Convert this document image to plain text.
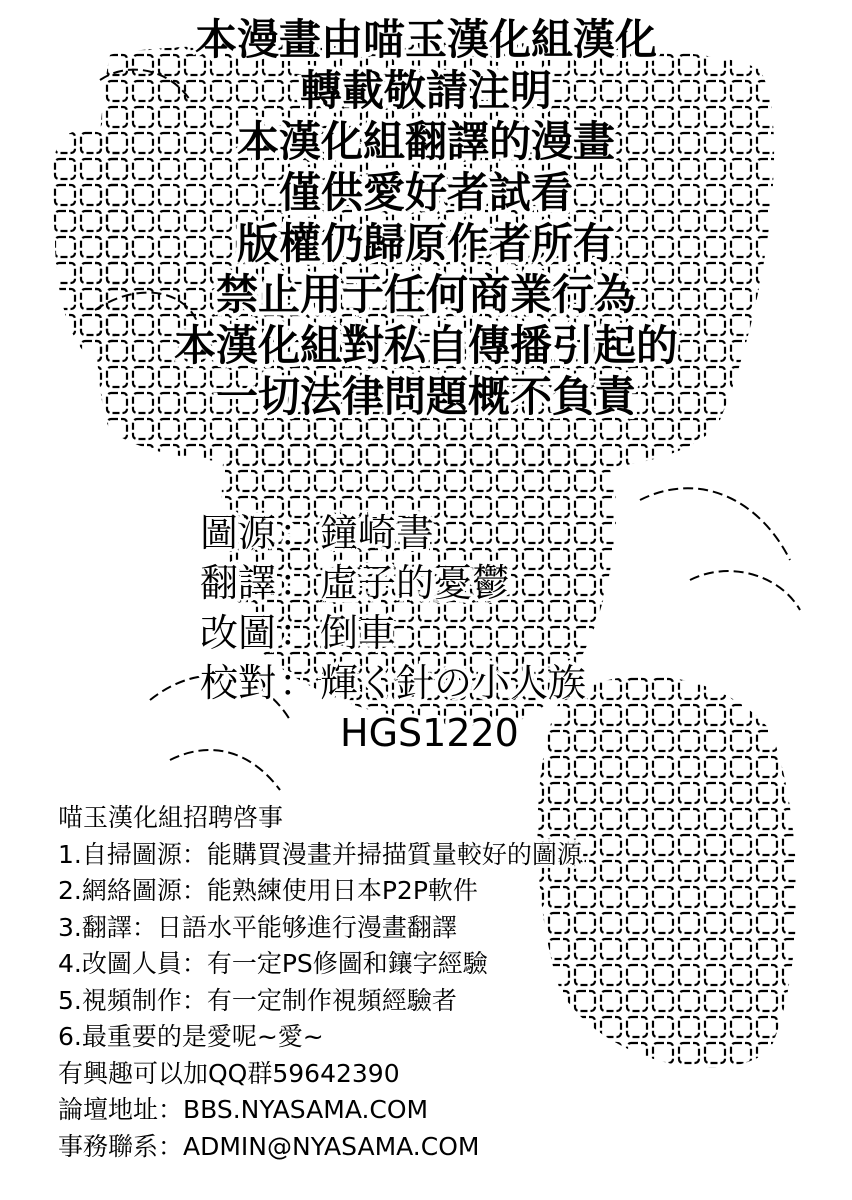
本漫畫由喵玉漢化組漢化
轉載敬請注明
本漢化組翻譯的漫畫
僅供愛好者試看
版權仍歸原作者所有
禁止用于任何商業行為
本漢化組對私自傳播引起的
一切法律問題概不負責
圖源：鐘崎書
翻譯：虛子的憂鬱
改圖：倒車
校對：輝く針の小人族
HGS1220
喵玉漢化組招聘啓事
1.自掃圖源：能購買漫畫并掃描質量較好的圖源
2.網絡圖源：能熟練使用日本P2P軟件
3.翻譯：日語水平能够進行漫畫翻譯
4.改圖人員：有一定PS修圖和鑲字經驗
5.視頻制作：有一定制作視頻經驗者
6.最重要的是愛呢~愛~
有興趣可以加QQ群59642390
論壇地址：BBS.NYASAMA.COM
事務聯系：ADMIN@NYASAMA.COM
